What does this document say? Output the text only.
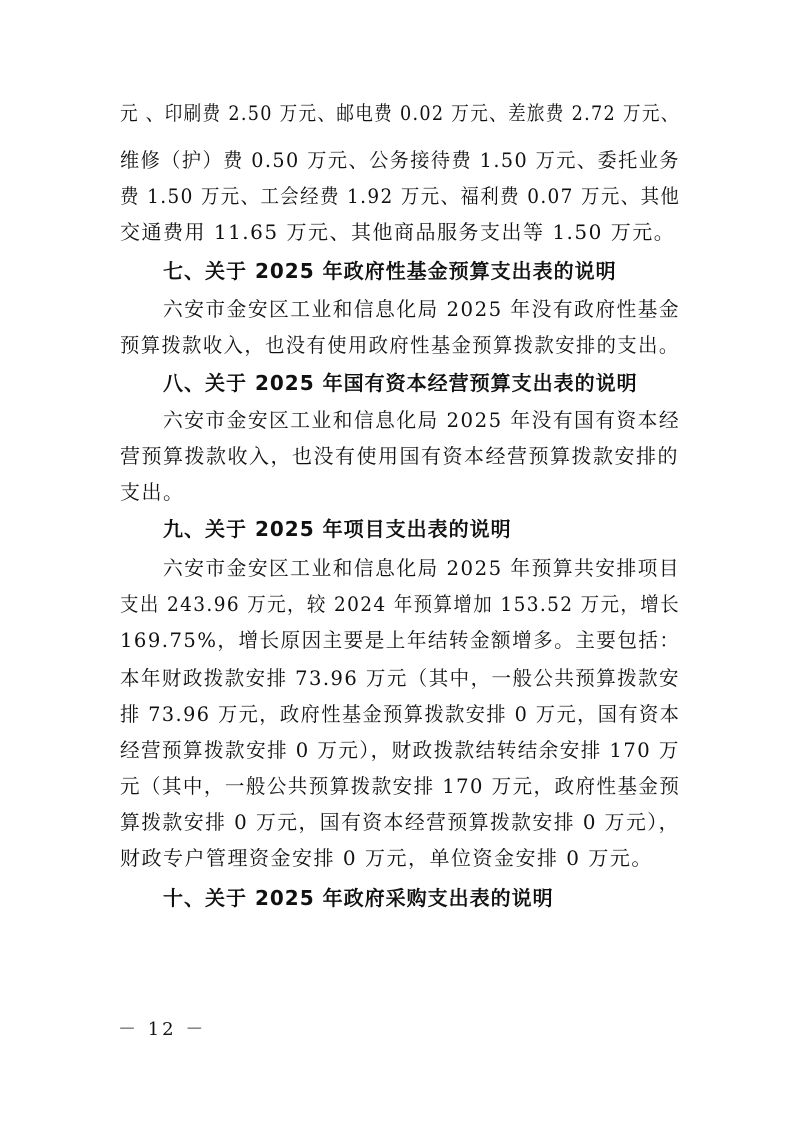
元 、印刷费 2.50 万元、邮电费 0.02 万元、差旅费 2.72 万元、

维修（护）费 0.50 万元、公务接待费 1.50 万元、委托业务

费 1.50 万元、工会经费 1.92 万元、福利费 0.07 万元、其他

交通费用 11.65 万元、其他商品服务支出等 1.50 万元。

七、关于 2025 年政府性基金预算支出表的说明

六安市金安区工业和信息化局 2025 年没有政府性基金

预算拨款收入，也没有使用政府性基金预算拨款安排的支出。

八、关于 2025 年国有资本经营预算支出表的说明

六安市金安区工业和信息化局 2025 年没有国有资本经

营预算拨款收入，也没有使用国有资本经营预算拨款安排的

支出。

九、关于 2025 年项目支出表的说明

六安市金安区工业和信息化局 2025 年预算共安排项目

支出 243.96 万元，较 2024 年预算增加 153.52 万元，增长

169.75%，增长原因主要是上年结转金额增多。主要包括：

本年财政拨款安排 73.96 万元（其中，一般公共预算拨款安

排 73.96 万元，政府性基金预算拨款安排 0 万元，国有资本

经营预算拨款安排 0 万元），财政拨款结转结余安排 170 万

元（其中，一般公共预算拨款安排 170 万元，政府性基金预

算拨款安排 0 万元，国有资本经营预算拨款安排 0 万元），

财政专户管理资金安排 0 万元，单位资金安排 0 万元。

十、关于 2025 年政府采购支出表的说明

－ 12 －
